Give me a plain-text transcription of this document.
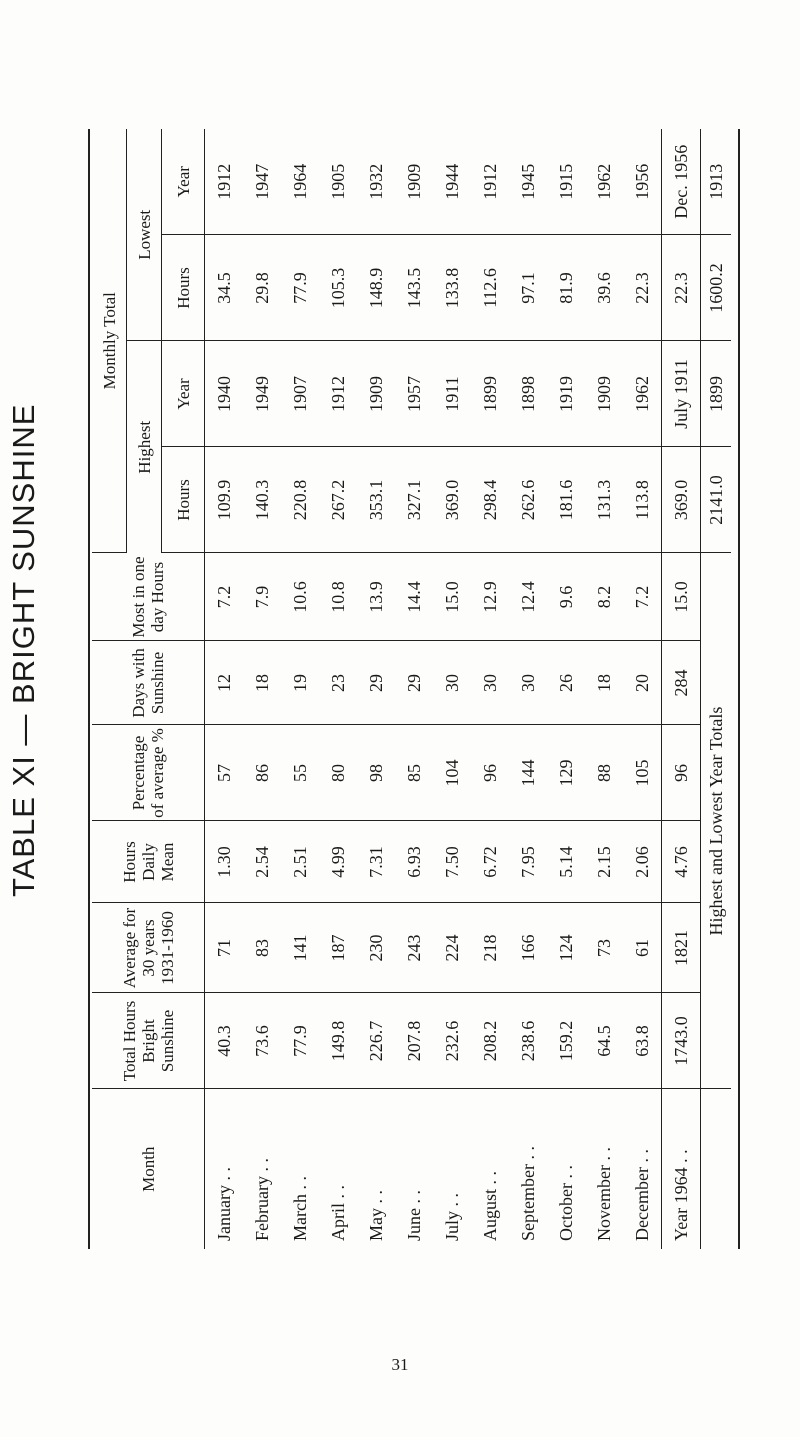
TABLE XI — BRIGHT SUNSHINE
Month	Total Hours Bright Sunshine	Average for 30 years 1931-1960	Hours Daily Mean	Percentage of average %	Days with Sunshine	Most in one day Hours	Monthly Total			
							Highest		Lowest	
							Hours	Year	Hours	Year
January . .	40.3	71	1.30	57	12	7.2	109.9	1940	34.5	1912
February . .	73.6	83	2.54	86	18	7.9	140.3	1949	29.8	1947
March . .	77.9	141	2.51	55	19	10.6	220.8	1907	77.9	1964
April . .	149.8	187	4.99	80	23	10.8	267.2	1912	105.3	1905
May . .	226.7	230	7.31	98	29	13.9	353.1	1909	148.9	1932
June . .	207.8	243	6.93	85	29	14.4	327.1	1957	143.5	1909
July . .	232.6	224	7.50	104	30	15.0	369.0	1911	133.8	1944
August . .	208.2	218	6.72	96	30	12.9	298.4	1899	112.6	1912
September . .	238.6	166	7.95	144	30	12.4	262.6	1898	97.1	1945
October . .	159.2	124	5.14	129	26	9.6	181.6	1919	81.9	1915
November . .	64.5	73	2.15	88	18	8.2	131.3	1909	39.6	1962
December . .	63.8	61	2.06	105	20	7.2	113.8	1962	22.3	1956
Year 1964 . .	1743.0	1821	4.76	96	284	15.0	369.0	July 1911	22.3	Dec. 1956
	Highest and Lowest Year Totals						2141.0	1899	1600.2	1913
31
